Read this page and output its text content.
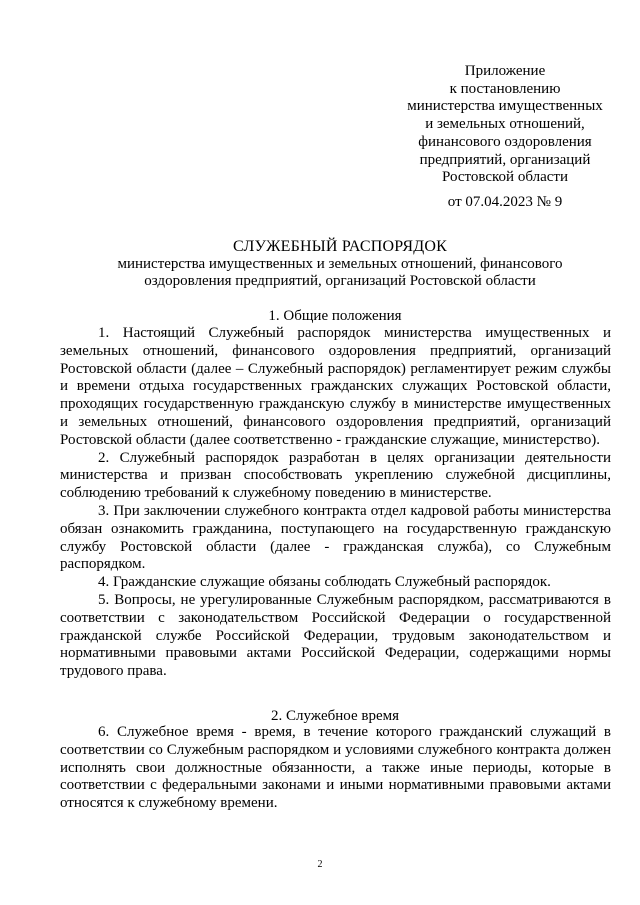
Приложение
к постановлению
министерства имущественных
и земельных отношений,
финансового оздоровления
предприятий, организаций
Ростовской области
от 07.04.2023 № 9
СЛУЖЕБНЫЙ РАСПОРЯДОК
министерства имущественных и земельных отношений, финансового
оздоровления предприятий, организаций Ростовской области
1. Общие положения

1. Настоящий Служебный распорядок министерства имущественных и земельных отношений, финансового оздоровления предприятий, организаций Ростовской области (далее – Служебный распорядок) регламентирует режим службы и времени отдыха государственных гражданских служащих Ростовской области, проходящих государственную гражданскую службу в министерстве имущественных и земельных отношений, финансового оздоровления предприятий, организаций Ростовской области (далее соответственно - гражданские служащие, министерство).

2. Служебный распорядок разработан в целях организации деятельности министерства и призван способствовать укреплению служебной дисциплины, соблюдению требований к служебному поведению в министерстве.

3. При заключении служебного контракта отдел кадровой работы министерства обязан ознакомить гражданина, поступающего на государственную гражданскую службу Ростовской области (далее - гражданская служба), со Служебным распорядком.

4. Гражданские служащие обязаны соблюдать Служебный распорядок.

5. Вопросы, не урегулированные Служебным распорядком, рассматриваются в соответствии с законодательством Российской Федерации о государственной гражданской службе Российской Федерации, трудовым законодательством и нормативными правовыми актами Российской Федерации, содержащими нормы трудового права.

2. Служебное время

6. Служебное время - время, в течение которого гражданский служащий в соответствии со Служебным распорядком и условиями служебного контракта должен исполнять свои должностные обязанности, а также иные периоды, которые в соответствии с федеральными законами и иными нормативными правовыми актами относятся к служебному времени.

2
